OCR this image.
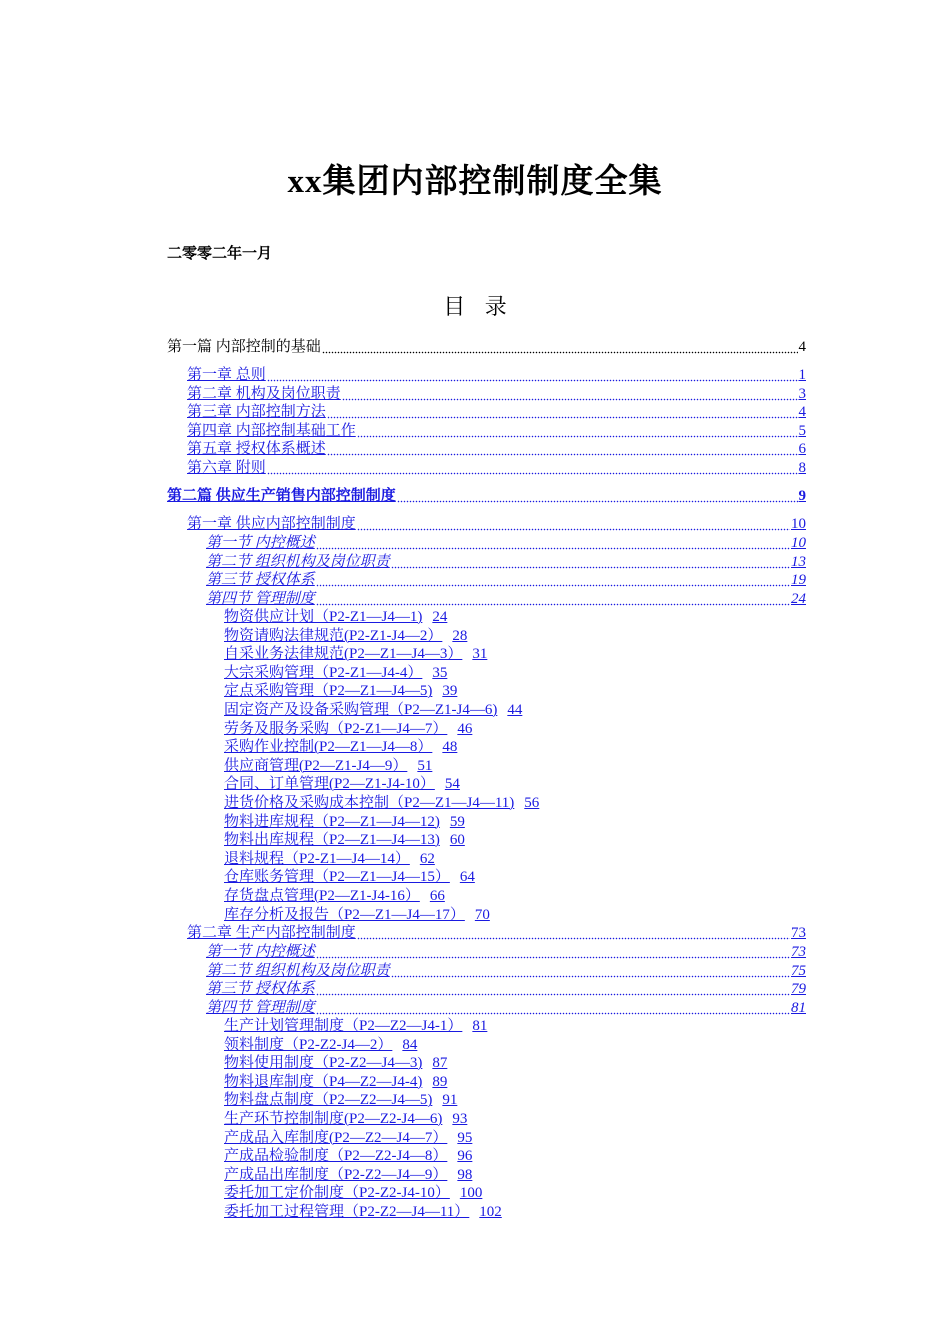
xx集团内部控制制度全集
二零零二年一月
目 录
第一篇 内部控制的基础	4
第一章 总则	1
第二章 机构及岗位职责	3
第三章 内部控制方法	4
第四章 内部控制基础工作	5
第五章 授权体系概述	6
第六章 附则	8
第二篇 供应生产销售内部控制制度	9
第一章 供应内部控制制度	10
第一节 内控概述	10
第二节 组织机构及岗位职责	13
第三节 授权体系	19
第四节 管理制度	24
物资供应计划（P2-Z1—J4—1) 24
物资请购法律规范(P2-Z1-J4—2） 28
自采业务法律规范(P2—Z1—J4—3） 31
大宗采购管理（P2-Z1—J4-4） 35
定点采购管理（P2—Z1—J4—5) 39
固定资产及设备采购管理（P2—Z1-J4—6) 44
劳务及服务采购（P2-Z1—J4—7） 46
采购作业控制(P2—Z1—J4—8） 48
供应商管理(P2—Z1-J4—9） 51
合同、订单管理(P2—Z1-J4-10） 54
进货价格及采购成本控制（P2—Z1—J4—11) 56
物料进库规程（P2—Z1—J4—12) 59
物料出库规程（P2—Z1—J4—13) 60
退料规程（P2-Z1—J4—14） 62
仓库账务管理（P2—Z1—J4—15） 64
存货盘点管理(P2—Z1-J4-16） 66
库存分析及报告（P2—Z1—J4—17） 70
第二章 生产内部控制制度	73
第一节 内控概述	73
第二节 组织机构及岗位职责	75
第三节 授权体系	79
第四节 管理制度	81
生产计划管理制度（P2—Z2—J4-1） 81
领料制度（P2-Z2-J4—2） 84
物料使用制度（P2-Z2—J4—3) 87
物料退库制度（P4—Z2—J4-4) 89
物料盘点制度（P2—Z2—J4—5) 91
生产环节控制制度(P2—Z2-J4—6) 93
产成品入库制度(P2—Z2—J4—7） 95
产成品检验制度（P2—Z2-J4—8） 96
产成品出库制度（P2-Z2—J4—9） 98
委托加工定价制度（P2-Z2-J4-10） 100
委托加工过程管理（P2-Z2—J4—11） 102
